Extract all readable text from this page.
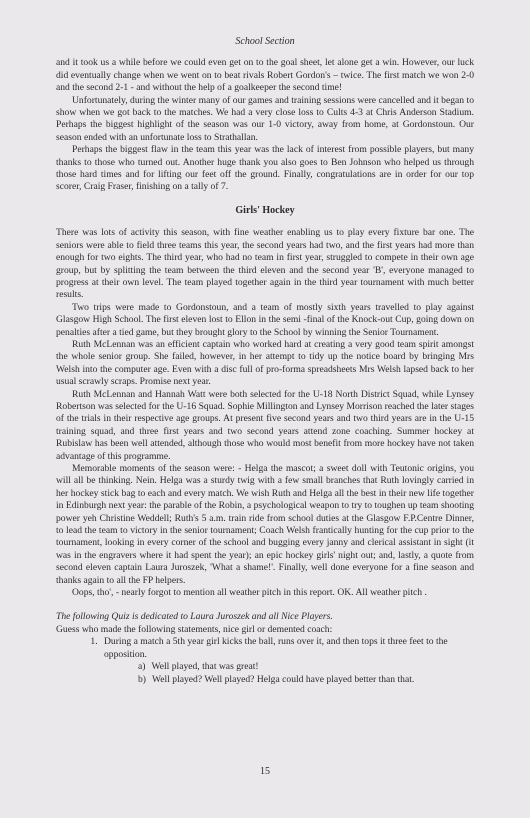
School Section

and it took us a while before we could even get on to the goal sheet, let alone get a win. However, our luck did eventually change when we went on to beat rivals Robert Gordon's – twice. The first match we won 2-0 and the second 2-1 - and without the help of a goalkeeper the second time!

Unfortunately, during the winter many of our games and training sessions were cancelled and it began to show when we got back to the matches. We had a very close loss to Cults 4-3 at Chris Anderson Stadium. Perhaps the biggest highlight of the season was our 1-0 victory, away from home, at Gordonstoun. Our season ended with an unfortunate loss to Strathallan.

Perhaps the biggest flaw in the team this year was the lack of interest from possible players, but many thanks to those who turned out. Another huge thank you also goes to Ben Johnson who helped us through those hard times and for lifting our feet off the ground. Finally, congratulations are in order for our top scorer, Craig Fraser, finishing on a tally of 7.

Girls' Hockey

There was lots of activity this season, with fine weather enabling us to play every fixture bar one. The seniors were able to field three teams this year, the second years had two, and the first years had more than enough for two eights. The third year, who had no team in first year, struggled to compete in their own age group, but by splitting the team between the third eleven and the second year 'B', everyone managed to progress at their own level. The team played together again in the third year tournament with much better results.

Two trips were made to Gordonstoun, and a team of mostly sixth years travelled to play against Glasgow High School. The first eleven lost to Ellon in the semi -final of the Knock-out Cup, going down on penalties after a tied game, but they brought glory to the School by winning the Senior Tournament.

Ruth McLennan was an efficient captain who worked hard at creating a very good team spirit amongst the whole senior group. She failed, however, in her attempt to tidy up the notice board by bringing Mrs Welsh into the computer age. Even with a disc full of pro-forma spreadsheets Mrs Welsh lapsed back to her usual scrawly scraps. Promise next year.

Ruth McLennan and Hannah Watt were both selected for the U-18 North District Squad, while Lynsey Robertson was selected for the U-16 Squad. Sophie Millington and Lynsey Morrison reached the later stages of the trials in their respective age groups. At present five second years and two third years are in the U-15 training squad, and three first years and two second years attend zone coaching. Summer hockey at Rubislaw has been well attended, although those who would most benefit from more hockey have not taken advantage of this programme.

Memorable moments of the season were: - Helga the mascot; a sweet doll with Teutonic origins, you will all be thinking. Nein. Helga was a sturdy twig with a few small branches that Ruth lovingly carried in her hockey stick bag to each and every match. We wish Ruth and Helga all the best in their new life together in Edinburgh next year: the parable of the Robin, a psychological weapon to try to toughen up team shooting power yeh Christine Weddell; Ruth's 5 a.m. train ride from school duties at the Glasgow F.P.Centre Dinner, to lead the team to victory in the senior tournament; Coach Welsh frantically hunting for the cup prior to the tournament, looking in every corner of the school and bugging every janny and clerical assistant in sight (it was in the engravers where it had spent the year); an epic hockey girls' night out; and, lastly, a quote from second eleven captain Laura Juroszek, 'What a shame!'. Finally, well done everyone for a fine season and thanks again to all the FP helpers.

Oops, tho', - nearly forgot to mention all weather pitch in this report. OK. All weather pitch .

The following Quiz is dedicated to Laura Juroszek and all Nice Players.

Guess who made the following statements, nice girl or demented coach:

1. During a match a 5th year girl kicks the ball, runs over it, and then tops it three feet to the opposition.
a) Well played, that was great!
b) Well played? Well played? Helga could have played better than that.
15
